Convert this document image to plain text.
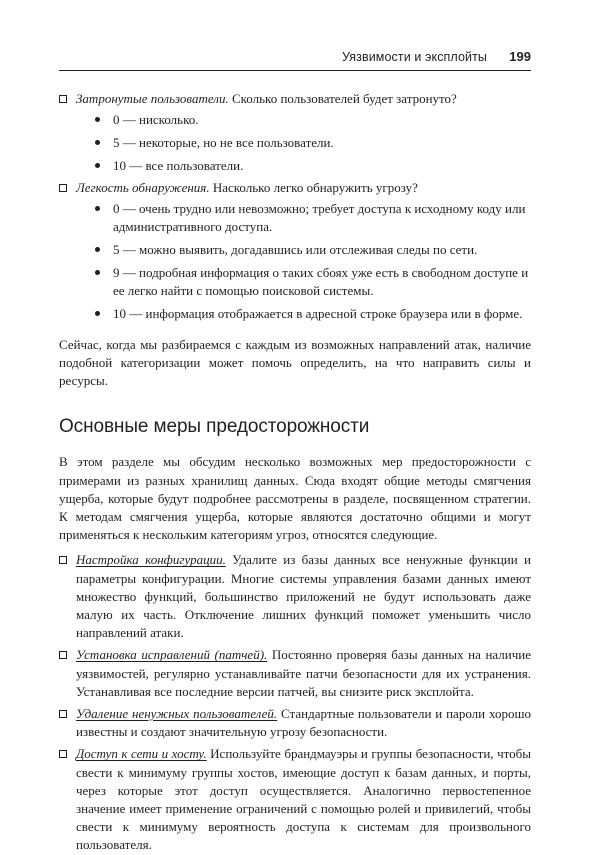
Уязвимости и эксплойты 199
Затронутые пользователи. Сколько пользователей будет затронуто?
0 — нисколько.
5 — некоторые, но не все пользователи.
10 — все пользователи.
Легкость обнаружения. Насколько легко обнаружить угрозу?
0 — очень трудно или невозможно; требует доступа к исходному коду или административного доступа.
5 — можно выявить, догадавшись или отслеживая следы по сети.
9 — подробная информация о таких сбоях уже есть в свободном доступе и ее легко найти с помощью поисковой системы.
10 — информация отображается в адресной строке браузера или в форме.

Сейчас, когда мы разбираемся с каждым из возможных направлений атак, наличие подобной категоризации может помочь определить, на что направить силы и ресурсы.

Основные меры предосторожности

В этом разделе мы обсудим несколько возможных мер предосторожности с примерами из разных хранилищ данных. Сюда входят общие методы смягчения ущерба, которые будут подробнее рассмотрены в разделе, посвященном стратегии. К методам смягчения ущерба, которые являются достаточно общими и могут применяться к нескольким категориям угроз, относятся следующие.

Настройка конфигурации. Удалите из базы данных все ненужные функции и параметры конфигурации. Многие системы управления базами данных имеют множество функций, большинство приложений не будут использовать даже малую их часть. Отключение лишних функций поможет уменьшить число направлений атаки.
Установка исправлений (патчей). Постоянно проверяя базы данных на наличие уязвимостей, регулярно устанавливайте патчи безопасности для их устранения. Устанавливая все последние версии патчей, вы снизите риск эксплойта.
Удаление ненужных пользователей. Стандартные пользователи и пароли хорошо известны и создают значительную угрозу безопасности.
Доступ к сети и хосту. Используйте брандмауэры и группы безопасности, чтобы свести к минимуму группы хостов, имеющие доступ к базам данных, и порты, через которые этот доступ осуществляется. Аналогично первостепенное значение имеет применение ограничений с помощью ролей и привилегий, чтобы свести к минимуму вероятность доступа к системам для произвольного пользователя.
